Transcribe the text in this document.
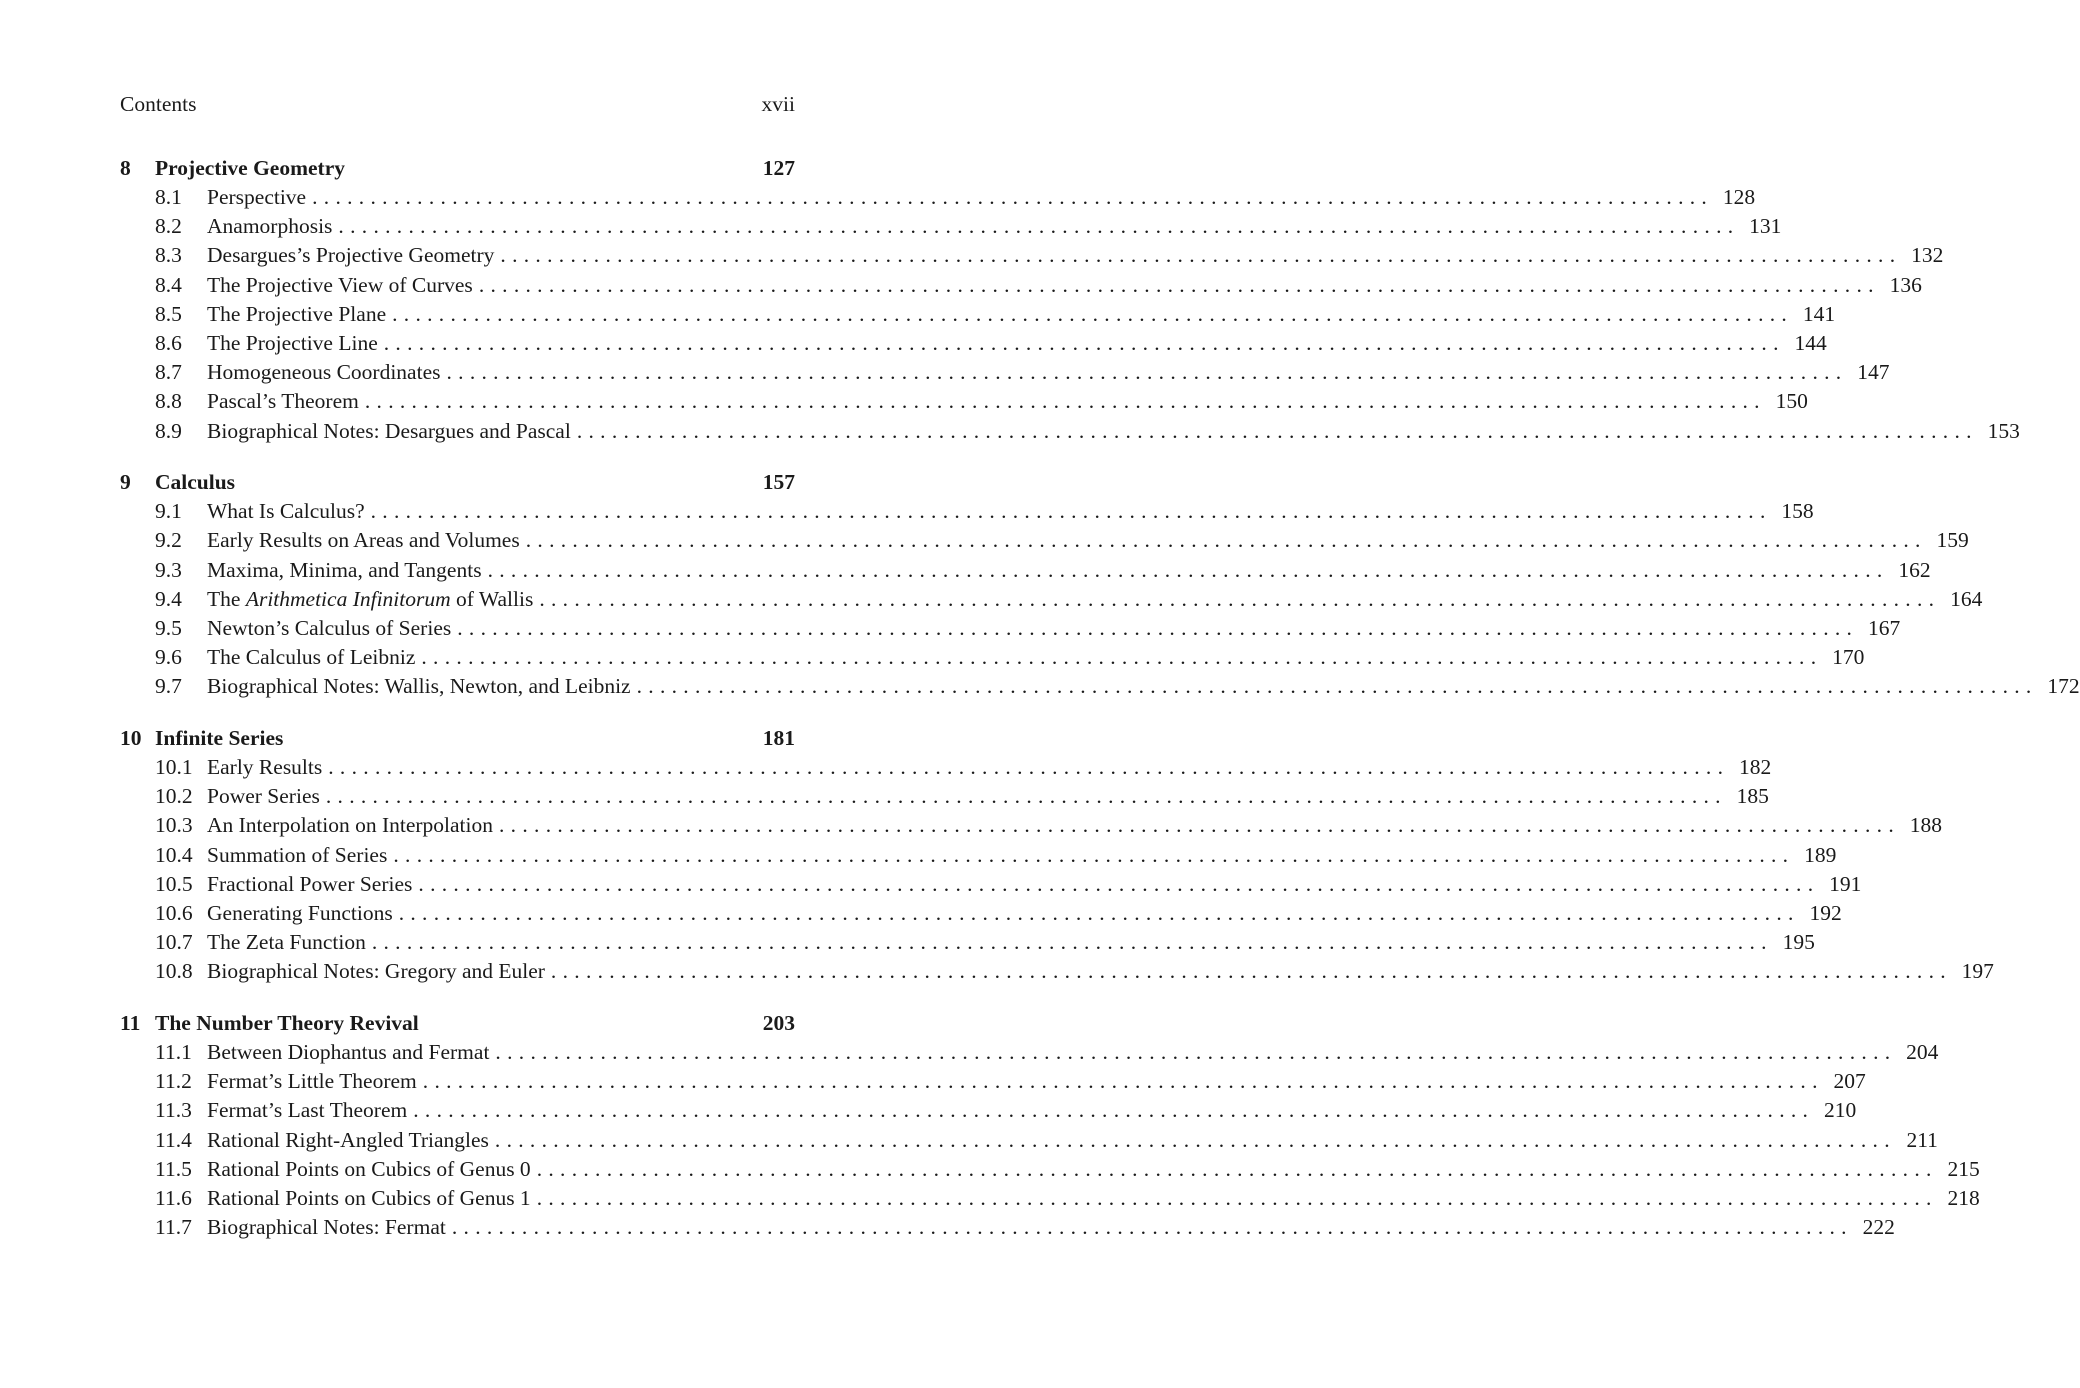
Contents	xvii
8	Projective Geometry	127
8.1	Perspective ........................................................................................................................ 128
8.2	Anamorphosis ........................................................................................................................ 131
8.3	Desargues’s Projective Geometry ........................................................................................................................ 132
8.4	The Projective View of Curves ........................................................................................................................ 136
8.5	The Projective Plane ........................................................................................................................ 141
8.6	The Projective Line ........................................................................................................................ 144
8.7	Homogeneous Coordinates ........................................................................................................................ 147
8.8	Pascal’s Theorem ........................................................................................................................ 150
8.9	Biographical Notes: Desargues and Pascal ........................................................................................................................ 153
9	Calculus	157
9.1	What Is Calculus? ........................................................................................................................ 158
9.2	Early Results on Areas and Volumes ........................................................................................................................ 159
9.3	Maxima, Minima, and Tangents ........................................................................................................................ 162
9.4	The Arithmetica Infinitorum of Wallis ........................................................................................................................ 164
9.5	Newton’s Calculus of Series ........................................................................................................................ 167
9.6	The Calculus of Leibniz ........................................................................................................................ 170
9.7	Biographical Notes: Wallis, Newton, and Leibniz ........................................................................................................................ 172
10 Infinite Series	181
10.1 Early Results ........................................................................................................................ 182
10.2 Power Series ........................................................................................................................ 185
10.3 An Interpolation on Interpolation ........................................................................................................................ 188
10.4 Summation of Series ........................................................................................................................ 189
10.5 Fractional Power Series ........................................................................................................................ 191
10.6 Generating Functions ........................................................................................................................ 192
10.7 The Zeta Function ........................................................................................................................ 195
10.8 Biographical Notes: Gregory and Euler ........................................................................................................................ 197
11 The Number Theory Revival	203
11.1 Between Diophantus and Fermat ........................................................................................................................ 204
11.2 Fermat’s Little Theorem ........................................................................................................................ 207
11.3 Fermat’s Last Theorem ........................................................................................................................ 210
11.4 Rational Right-Angled Triangles ........................................................................................................................ 211
11.5 Rational Points on Cubics of Genus 0 ........................................................................................................................ 215
11.6 Rational Points on Cubics of Genus 1 ........................................................................................................................ 218
11.7 Biographical Notes: Fermat ........................................................................................................................ 222
